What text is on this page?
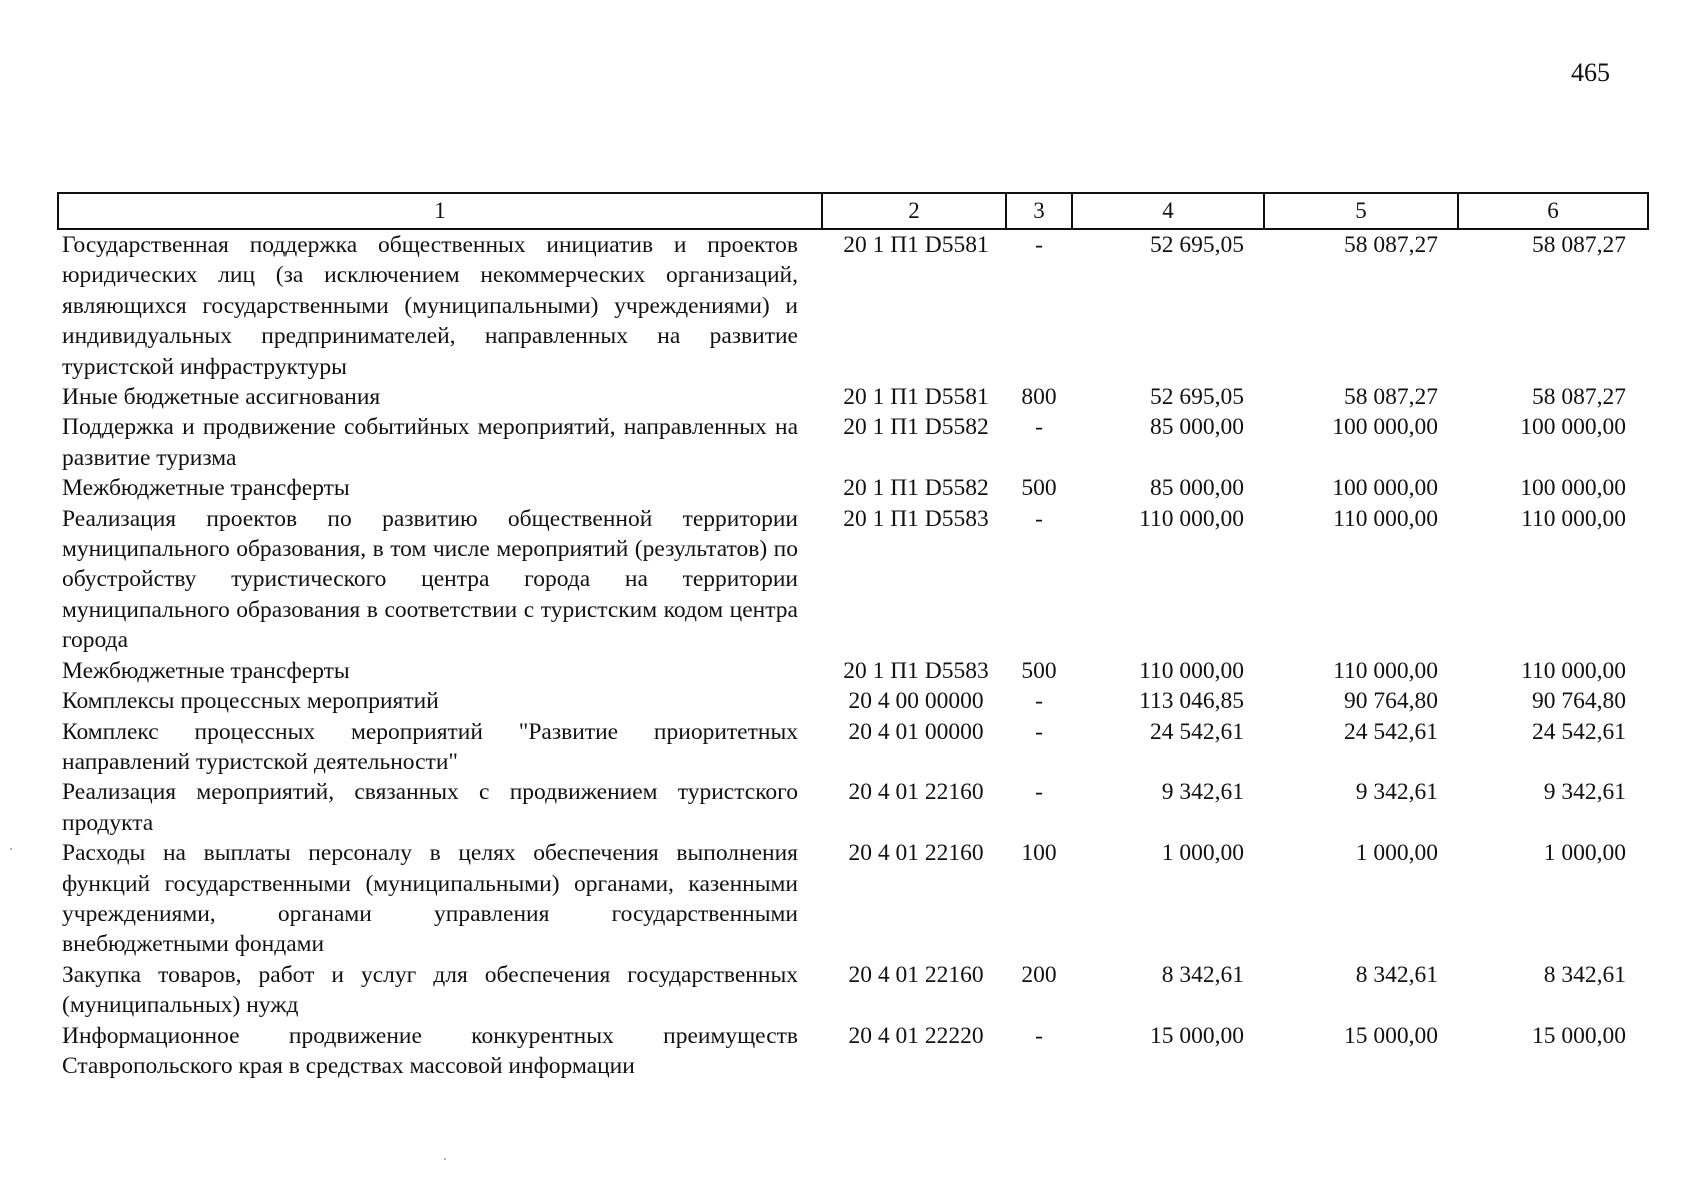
465
1	2	3	4	5	6
Государственная поддержка общественных инициатив и проектов юридических лиц (за исключением некоммерческих организаций, являющихся государственными (муниципальными) учреждениями) и индивидуальных предпринимателей, направленных на развитие туристской инфраструктуры	20 1 П1 D5581	-	52 695,05	58 087,27	58 087,27
Иные бюджетные ассигнования	20 1 П1 D5581	800	52 695,05	58 087,27	58 087,27
Поддержка и продвижение событийных мероприятий, направленных на развитие туризма	20 1 П1 D5582	-	85 000,00	100 000,00	100 000,00
Межбюджетные трансферты	20 1 П1 D5582	500	85 000,00	100 000,00	100 000,00
Реализация проектов по развитию общественной территории муниципального образования, в том числе мероприятий (результатов) по обустройству туристического центра города на территории муниципального образования в соответствии с туристским кодом центра города	20 1 П1 D5583	-	110 000,00	110 000,00	110 000,00
Межбюджетные трансферты	20 1 П1 D5583	500	110 000,00	110 000,00	110 000,00
Комплексы процессных мероприятий	20 4 00 00000	-	113 046,85	90 764,80	90 764,80
Комплекс процессных мероприятий "Развитие приоритетных направлений туристской деятельности"	20 4 01 00000	-	24 542,61	24 542,61	24 542,61
Реализация мероприятий, связанных с продвижением туристского продукта	20 4 01 22160	-	9 342,61	9 342,61	9 342,61
Расходы на выплаты персоналу в целях обеспечения выполнения функций государственными (муниципальными) органами, казенными учреждениями, органами управления государственными внебюджетными фондами	20 4 01 22160	100	1 000,00	1 000,00	1 000,00
Закупка товаров, работ и услуг для обеспечения государственных (муниципальных) нужд	20 4 01 22160	200	8 342,61	8 342,61	8 342,61
Информационное продвижение конкурентных преимуществ Ставропольского края в средствах массовой информации	20 4 01 22220	-	15 000,00	15 000,00	15 000,00
